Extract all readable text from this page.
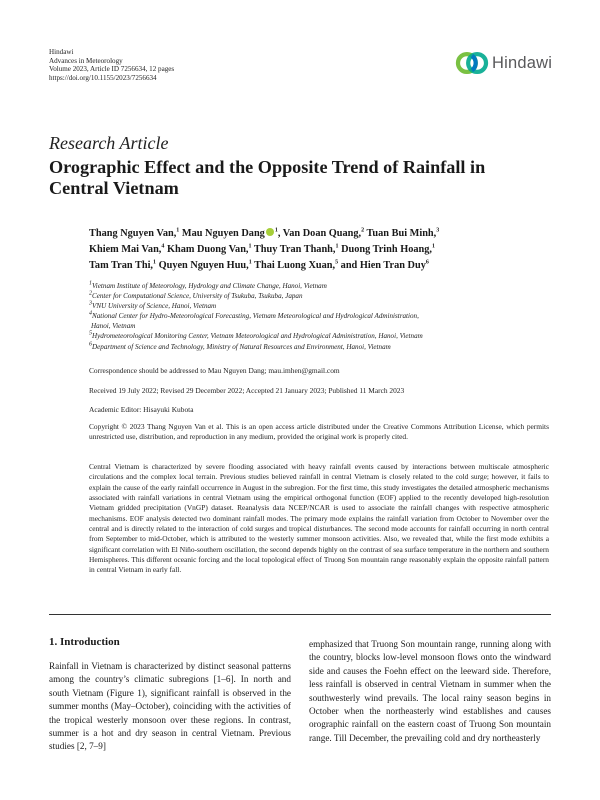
Hindawi
Advances in Meteorology
Volume 2023, Article ID 7256634, 12 pages
https://doi.org/10.1155/2023/7256634
Hindawi
Research Article
Orographic Effect and the Opposite Trend of Rainfall in Central Vietnam
Thang Nguyen Van,$^1$ Mau Nguyen Dang $^1$, Van Doan Quang,$^2$ Tuan Bui Minh,$^3$
Khiem Mai Van,$^4$ Kham Duong Van,$^1$ Thuy Tran Thanh,$^1$ Duong Trinh Hoang,$^1$
Tam Tran Thi,$^1$ Quyen Nguyen Huu,$^1$ Thai Luong Xuan,$^5$ and Hien Tran Duy$^6$
$^1$Vietnam Institute of Meteorology, Hydrology and Climate Change, Hanoi, Vietnam
$^2$Center for Computational Science, University of Tsukuba, Tsukuba, Japan
$^3$VNU University of Science, Hanoi, Vietnam
$^4$National Center for Hydro-Meteorological Forecasting, Vietnam Meteorological and Hydrological Administration,
Hanoi, Vietnam
$^5$Hydrometeorological Monitoring Center, Vietnam Meteorological and Hydrological Administration, Hanoi, Vietnam
$^6$Department of Science and Technology, Ministry of Natural Resources and Environment, Hanoi, Vietnam
Correspondence should be addressed to Mau Nguyen Dang; mau.imhen@gmail.com
Received 19 July 2022; Revised 29 December 2022; Accepted 21 January 2023; Published 11 March 2023
Academic Editor: Hisayuki Kubota
Copyright © 2023 Thang Nguyen Van et al. This is an open access article distributed under the Creative Commons Attribution License, which permits unrestricted use, distribution, and reproduction in any medium, provided the original work is properly cited.
Central Vietnam is characterized by severe flooding associated with heavy rainfall events caused by interactions between multiscale atmospheric circulations and the complex local terrain. Previous studies believed rainfall in central Vietnam is closely related to the cold surge; however, it fails to explain the cause of the early rainfall occurrence in August in the subregion. For the first time, this study investigates the detailed atmospheric mechanisms associated with rainfall variations in central Vietnam using the empirical orthogonal function (EOF) applied to the recently developed high-resolution Vietnam gridded precipitation (VnGP) dataset. Reanalysis data NCEP/NCAR is used to associate the rainfall changes with respective atmospheric mechanisms. EOF analysis detected two dominant rainfall modes. The primary mode explains the rainfall variation from October to November over the central and is directly related to the interaction of cold surges and tropical disturbances. The second mode accounts for rainfall occurring in north central from September to mid-October, which is attributed to the westerly summer monsoon activities. Also, we revealed that, while the first mode exhibits a significant correlation with El Niño-southern oscillation, the second depends highly on the contrast of sea surface temperature in the northern and southern Hemispheres. This different oceanic forcing and the local topological effect of Truong Son mountain range reasonably explain the opposite rainfall pattern in central Vietnam in early fall.
1. Introduction
Rainfall in Vietnam is characterized by distinct seasonal patterns among the country’s climatic subregions [1–6]. In north and south Vietnam (Figure 1), significant rainfall is observed in the summer months (May–October), coinciding with the activities of the tropical westerly monsoon over these regions. In contrast, summer is a hot and dry season in central Vietnam. Previous studies [2, 7–9]
emphasized that Truong Son mountain range, running along with the country, blocks low-level monsoon flows onto the windward side and causes the Foehn effect on the leeward side. Therefore, less rainfall is observed in central Vietnam in summer when the southwesterly wind prevails. The local rainy season begins in October when the northeasterly wind establishes and causes orographic rainfall on the eastern coast of Truong Son mountain range. Till December, the prevailing cold and dry northeasterly
